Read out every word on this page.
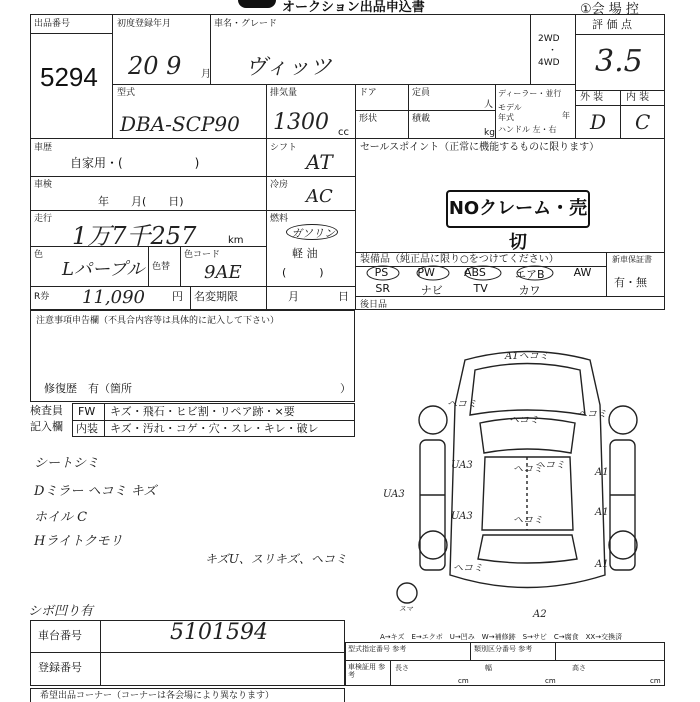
オークション出品申込書	①会 場 控
出品番号
5294
初度登録年月
20 9 月
車名・グレード
ヴィッツ
2WD
・
4WD
評 価 点
3.5
型式
DBA-SCP90
排気量
1300 cc
ドア
形状
定員
人
積載
kg
ディーラー・並行
モデル年式	年
ハンドル 左・右
外 装 内 装
D C
車歴
自家用・(　　　　　　)
シフト
AT
セールスポイント（正常に機能するものに限ります）
NOクレーム・売切
車検
年　　月(　　日)
冷房
AC
走行
1万7千257	km
燃料
ガソリン
軽 油
(　　　)
色
Lパープル 色替
色コード
9AE
装備品（純正品に限り○をつけてください）	新車保証書
有・無
PS	PW	ABS	エアB	AW
SR	ナビ	TV	カワ
R券 11,090 円 名変期限	月	日
後日品
注意事項申告欄（不具合内容等は具体的に記入して下さい）
修復歴　有（箇所	）
検査員
記入欄
FW キズ・飛石・ヒビ割・リペア跡・×要
内装 キズ・汚れ・コゲ・穴・スレ・キレ・破レ
シートシミ
Dミラー ヘコミ キズ
ホイル C
Hライトクモリ
キズU、スリキズ、ヘコミ
シボ凹り有
A1ヘコミ
ヘコミ
ヘコミ
ヘコミ
ヘコミ
UA3	ヘコミ
A1
UA3
UA3	ヘコミ
A1
ヘコミ	A1
A2
スマ
A→キズ　E→エクボ　U→凹み　W→補修跡　S→サビ　C→腐食　XX→交換済
車台番号	5101594
登録番号
型式指定番号 参考	類別区分番号 参考
車検証用 参考
長さ	幅	高さ
cm	cm	cm
希望出品コーナー（コーナーは各会場により異なります）
